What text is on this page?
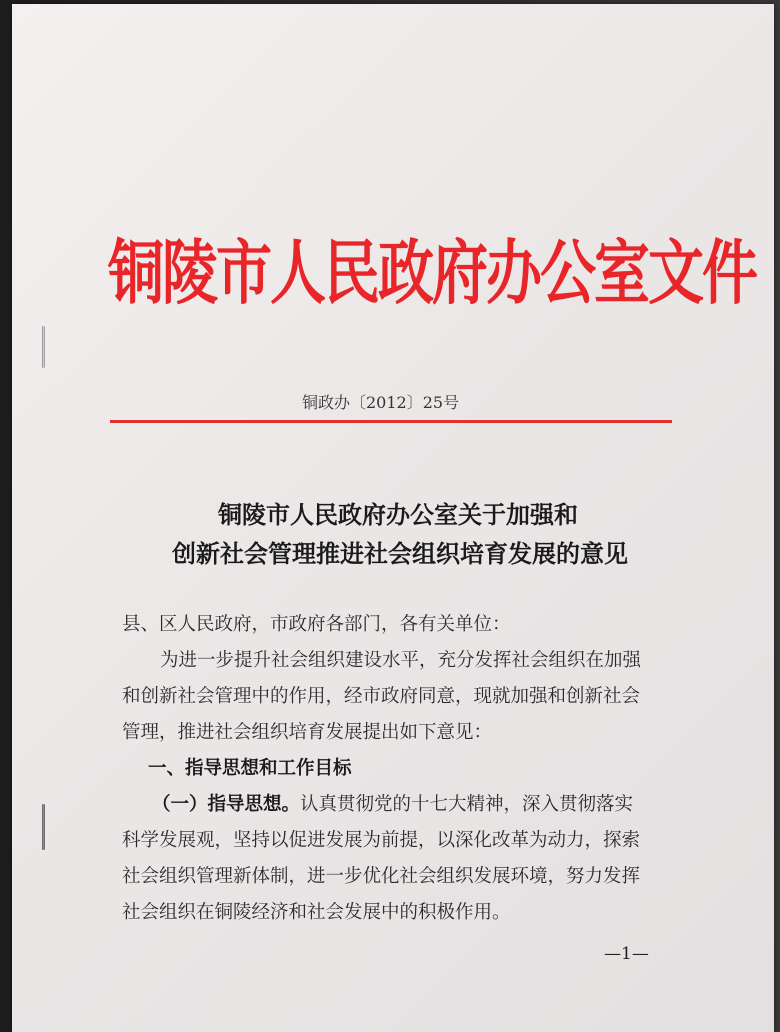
铜陵市人民政府办公室文件
铜政办〔2012〕25号
铜陵市人民政府办公室关于加强和
创新社会管理推进社会组织培育发展的意见
县、区人民政府，市政府各部门，各有关单位：
为进一步提升社会组织建设水平，充分发挥社会组织在加强
和创新社会管理中的作用，经市政府同意，现就加强和创新社会
管理，推进社会组织培育发展提出如下意见：
一、指导思想和工作目标
（一）指导思想。认真贯彻党的十七大精神，深入贯彻落实
科学发展观，坚持以促进发展为前提，以深化改革为动力，探索
社会组织管理新体制，进一步优化社会组织发展环境，努力发挥
社会组织在铜陵经济和社会发展中的积极作用。
—1—
